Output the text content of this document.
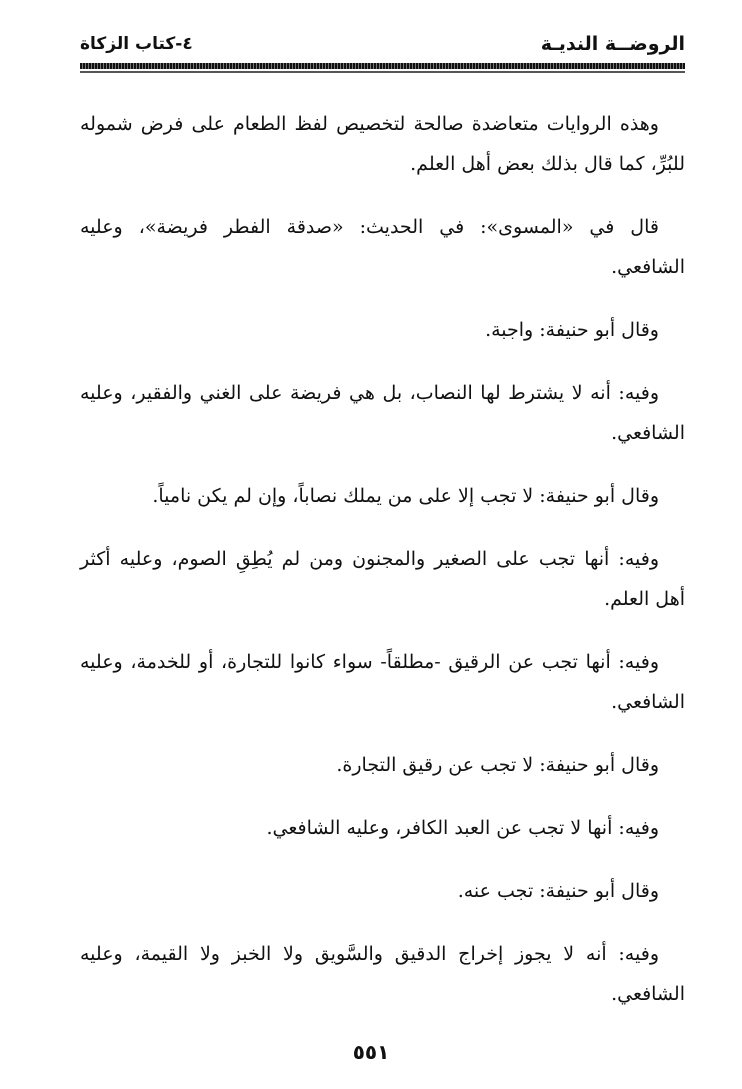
الروضــة النديـة
٤-كتاب الزكاة

وهذه الروايات متعاضدة صالحة لتخصيص لفظ الطعام على فرض شموله للبُرِّ، كما قال بذلك بعض أهل العلم.

قال في «المسوى»: في الحديث: «صدقة الفطر فريضة»، وعليه الشافعي.

وقال أبو حنيفة: واجبة.

وفيه: أنه لا يشترط لها النصاب، بل هي فريضة على الغني والفقير، وعليه الشافعي.

وقال أبو حنيفة: لا تجب إلا على من يملك نصاباً، وإن لم يكن نامياً.

وفيه: أنها تجب على الصغير والمجنون ومن لم يُطِقِ الصوم، وعليه أكثر أهل العلم.

وفيه: أنها تجب عن الرقيق -مطلقاً- سواء كانوا للتجارة، أو للخدمة، وعليه الشافعي.

وقال أبو حنيفة: لا تجب عن رقيق التجارة.

وفيه: أنها لا تجب عن العبد الكافر، وعليه الشافعي.

وقال أبو حنيفة: تجب عنه.

وفيه: أنه لا يجوز إخراج الدقيق والسَّويق ولا الخبز ولا القيمة، وعليه الشافعي.

٥٥١
